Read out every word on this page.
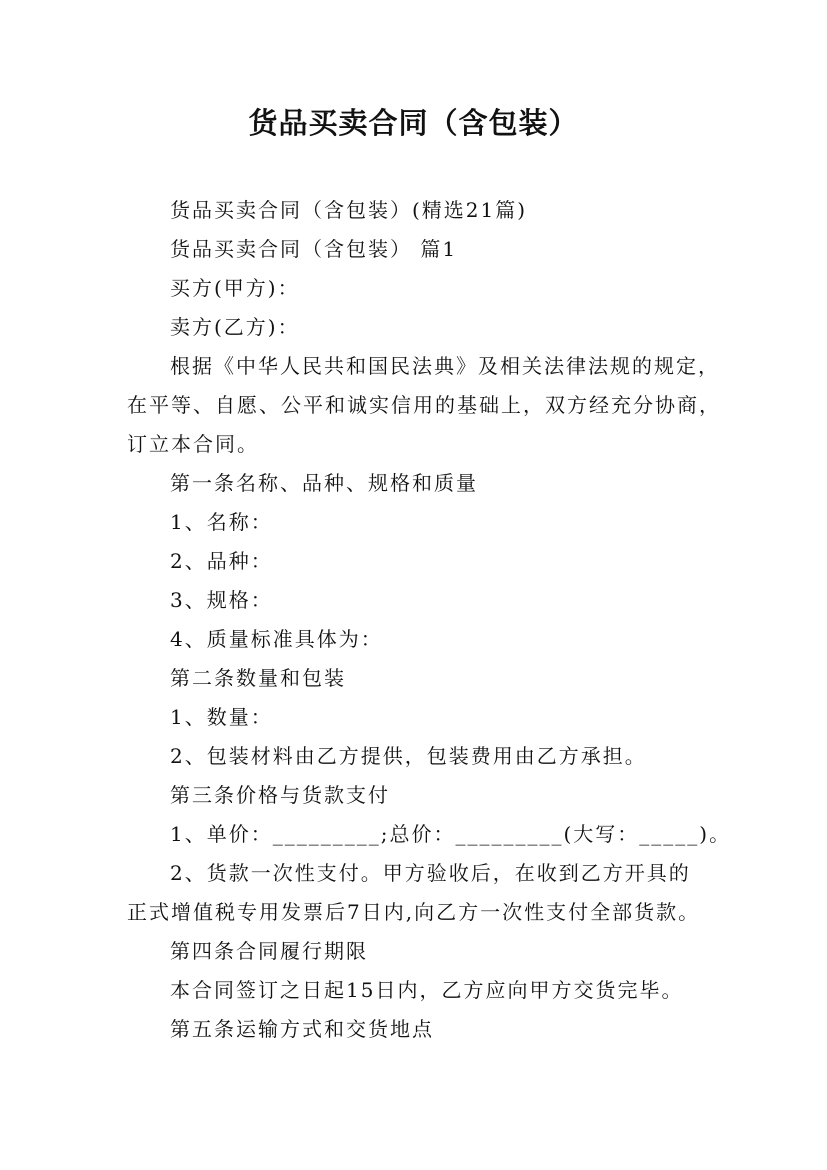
货品买卖合同（含包装）
货品买卖合同（含包装）(精选21篇)
货品买卖合同（含包装） 篇1
买方(甲方)：
卖方(乙方)：
根据《中华人民共和国民法典》及相关法律法规的规定，
在平等、自愿、公平和诚实信用的基础上，双方经充分协商，
订立本合同。
第一条名称、品种、规格和质量
1、名称：
2、品种：
3、规格：
4、质量标准具体为：
第二条数量和包装
1、数量：
2、包装材料由乙方提供，包装费用由乙方承担。
第三条价格与货款支付
1、单价：_________;总价：_________(大写：_____)。
2、货款一次性支付。甲方验收后，在收到乙方开具的
正式增值税专用发票后7日内,向乙方一次性支付全部货款。
第四条合同履行期限
本合同签订之日起15日内，乙方应向甲方交货完毕。
第五条运输方式和交货地点
